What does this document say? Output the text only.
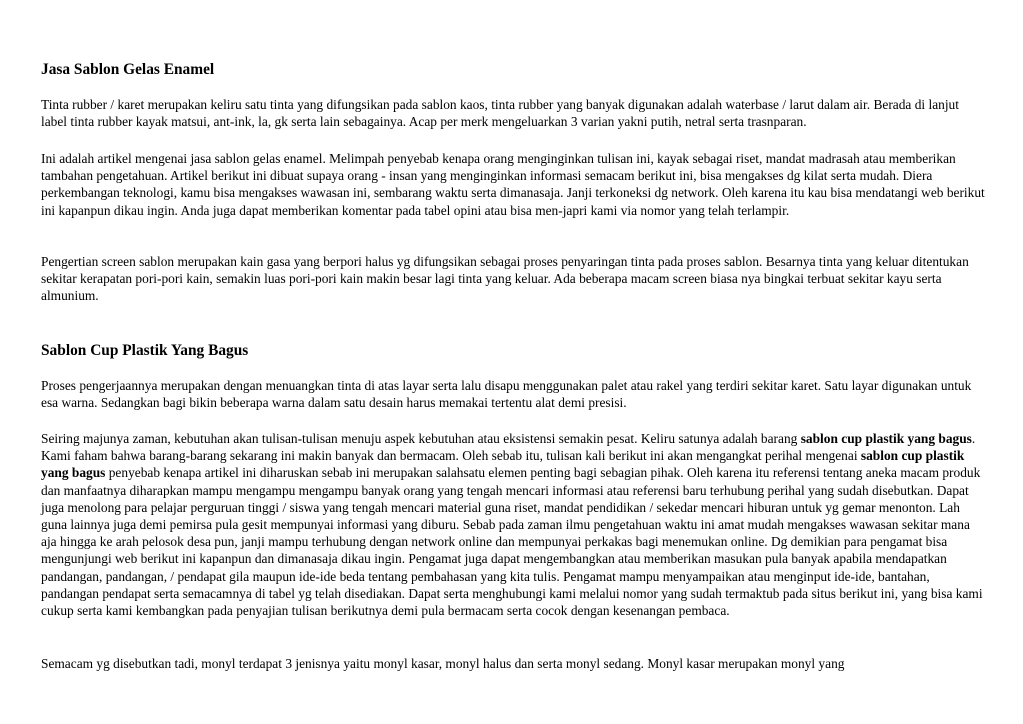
Jasa Sablon Gelas Enamel

Tinta rubber / karet merupakan keliru satu tinta yang difungsikan pada sablon kaos, tinta rubber yang banyak digunakan adalah waterbase / larut dalam air. Berada di lanjut label tinta rubber kayak matsui, ant-ink, la, gk serta lain sebagainya. Acap per merk mengeluarkan 3 varian yakni putih, netral serta trasnparan.

Ini adalah artikel mengenai jasa sablon gelas enamel. Melimpah penyebab kenapa orang menginginkan tulisan ini, kayak sebagai riset, mandat madrasah atau memberikan tambahan pengetahuan. Artikel berikut ini dibuat supaya orang - insan yang menginginkan informasi semacam berikut ini, bisa mengakses dg kilat serta mudah. Diera perkembangan teknologi, kamu bisa mengakses wawasan ini, sembarang waktu serta dimanasaja. Janji terkoneksi dg network. Oleh karena itu kau bisa mendatangi web berikut ini kapanpun dikau ingin. Anda juga dapat memberikan komentar pada tabel opini atau bisa men-japri kami via nomor yang telah terlampir.

Pengertian screen sablon merupakan kain gasa yang berpori halus yg difungsikan sebagai proses penyaringan tinta pada proses sablon. Besarnya tinta yang keluar ditentukan sekitar kerapatan pori-pori kain, semakin luas pori-pori kain makin besar lagi tinta yang keluar. Ada beberapa macam screen biasa nya bingkai terbuat sekitar kayu serta almunium.

Sablon Cup Plastik Yang Bagus

Proses pengerjaannya merupakan dengan menuangkan tinta di atas layar serta lalu disapu menggunakan palet atau rakel yang terdiri sekitar karet. Satu layar digunakan untuk esa warna. Sedangkan bagi bikin beberapa warna dalam satu desain harus memakai tertentu alat demi presisi.

Seiring majunya zaman, kebutuhan akan tulisan-tulisan menuju aspek kebutuhan atau eksistensi semakin pesat. Keliru satunya adalah barang sablon cup plastik yang bagus. Kami faham bahwa barang-barang sekarang ini makin banyak dan bermacam. Oleh sebab itu, tulisan kali berikut ini akan mengangkat perihal mengenai sablon cup plastik yang bagus penyebab kenapa artikel ini diharuskan sebab ini merupakan salahsatu elemen penting bagi sebagian pihak. Oleh karena itu referensi tentang aneka macam produk dan manfaatnya diharapkan mampu mengampu mengampu banyak orang yang tengah mencari informasi atau referensi baru terhubung perihal yang sudah disebutkan. Dapat juga menolong para pelajar perguruan tinggi / siswa yang tengah mencari material guna riset, mandat pendidikan / sekedar mencari hiburan untuk yg gemar menonton. Lah guna lainnya juga demi pemirsa pula gesit mempunyai informasi yang diburu. Sebab pada zaman ilmu pengetahuan waktu ini amat mudah mengakses wawasan sekitar mana aja hingga ke arah pelosok desa pun, janji mampu terhubung dengan network online dan mempunyai perkakas bagi menemukan online. Dg demikian para pengamat bisa mengunjungi web berikut ini kapanpun dan dimanasaja dikau ingin. Pengamat juga dapat mengembangkan atau memberikan masukan pula banyak apabila mendapatkan pandangan, pandangan, / pendapat gila maupun ide-ide beda tentang pembahasan yang kita tulis. Pengamat mampu menyampaikan atau menginput ide-ide, bantahan, pandangan pendapat serta semacamnya di tabel yg telah disediakan. Dapat serta menghubungi kami melalui nomor yang sudah termaktub pada situs berikut ini, yang bisa kami cukup serta kami kembangkan pada penyajian tulisan berikutnya demi pula bermacam serta cocok dengan kesenangan pembaca.

Semacam yg disebutkan tadi, monyl terdapat 3 jenisnya yaitu monyl kasar, monyl halus dan serta monyl sedang. Monyl kasar merupakan monyl yang
